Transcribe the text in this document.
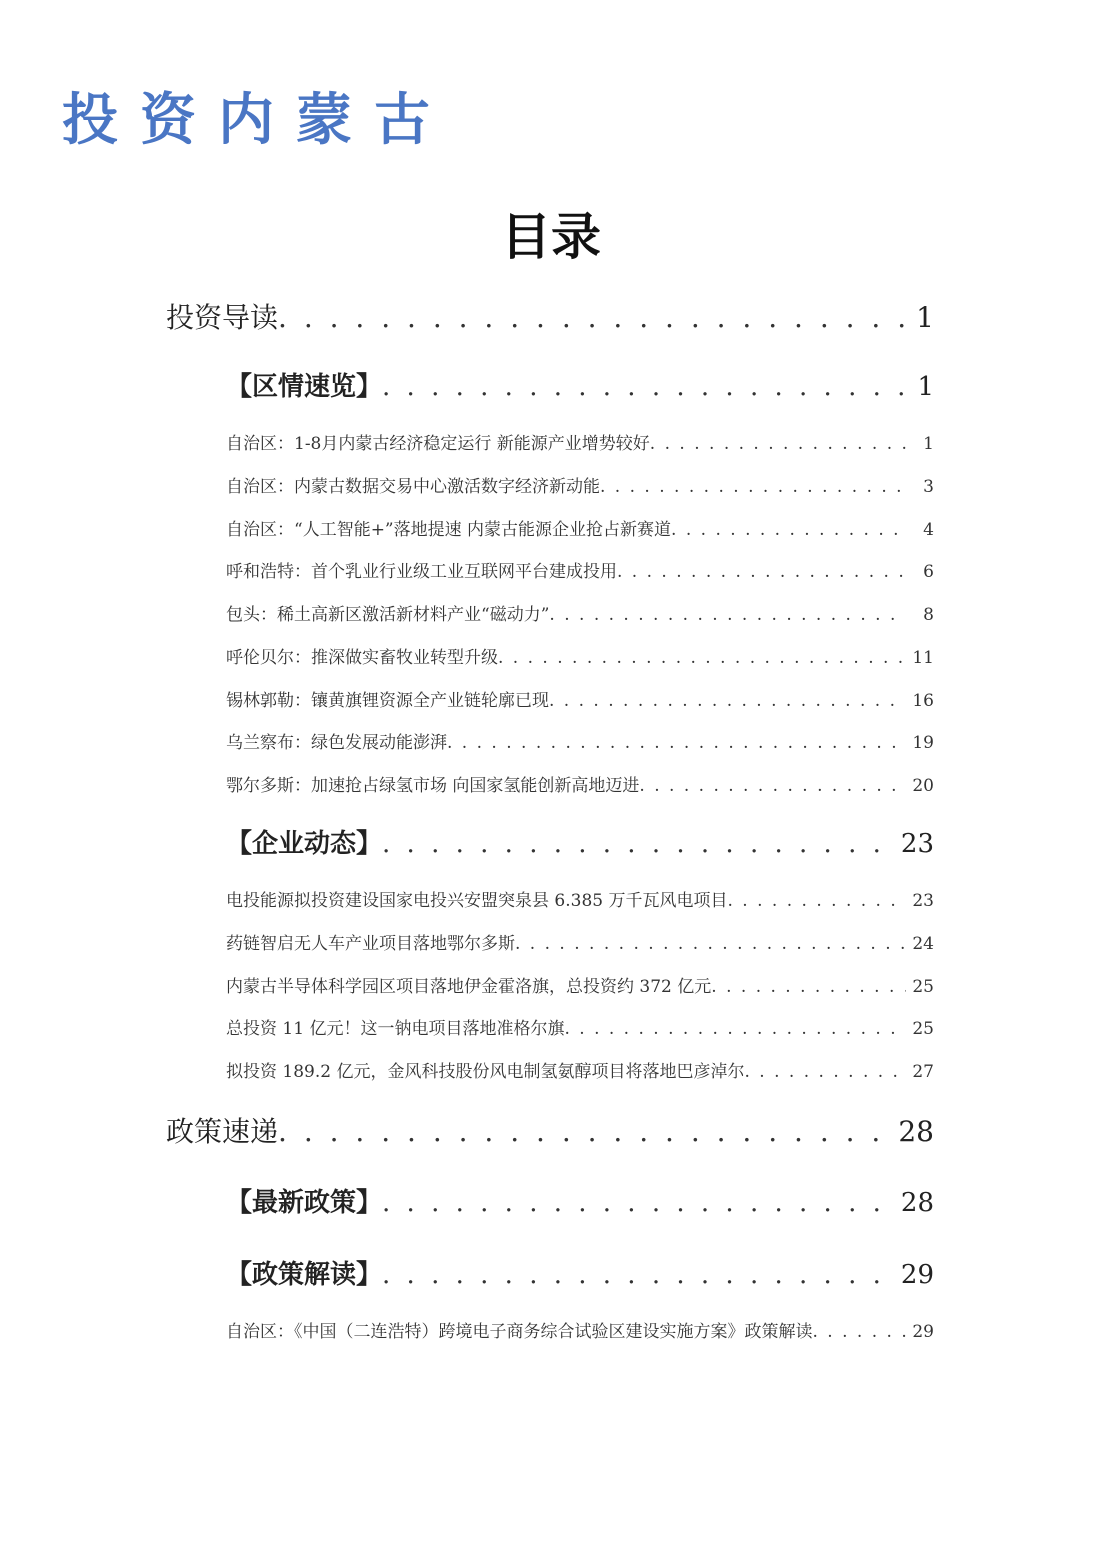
投资内蒙古
目录
投资导读 . . .	1
【区情速览】 . . .	1
自治区：1-8月内蒙古经济稳定运行 新能源产业增势较好 . . .	1
自治区：内蒙古数据交易中心激活数字经济新动能 . . .	3
自治区：“人工智能+”落地提速 内蒙古能源企业抢占新赛道 . . .	4
呼和浩特：首个乳业行业级工业互联网平台建成投用 . . .	6
包头：稀土高新区激活新材料产业“磁动力” . . .	8
呼伦贝尔：推深做实畜牧业转型升级 . . .	11
锡林郭勒：镶黄旗锂资源全产业链轮廓已现 . . .	16
乌兰察布：绿色发展动能澎湃 . . .	19
鄂尔多斯：加速抢占绿氢市场 向国家氢能创新高地迈进 . . .	20
【企业动态】 . . .	23
电投能源拟投资建设国家电投兴安盟突泉县 6.385 万千瓦风电项目 . . .	23
药链智启无人车产业项目落地鄂尔多斯 . . .	24
内蒙古半导体科学园区项目落地伊金霍洛旗，总投资约 372 亿元 . . .	25
总投资 11 亿元！这一钠电项目落地准格尔旗 . . .	25
拟投资 189.2 亿元，金风科技股份风电制氢氨醇项目将落地巴彦淖尔 . . .	27
政策速递 . . .	28
【最新政策】 . . .	28
【政策解读】 . . .	29
自治区：《中国（二连浩特）跨境电子商务综合试验区建设实施方案》政策解读 . . .	29
